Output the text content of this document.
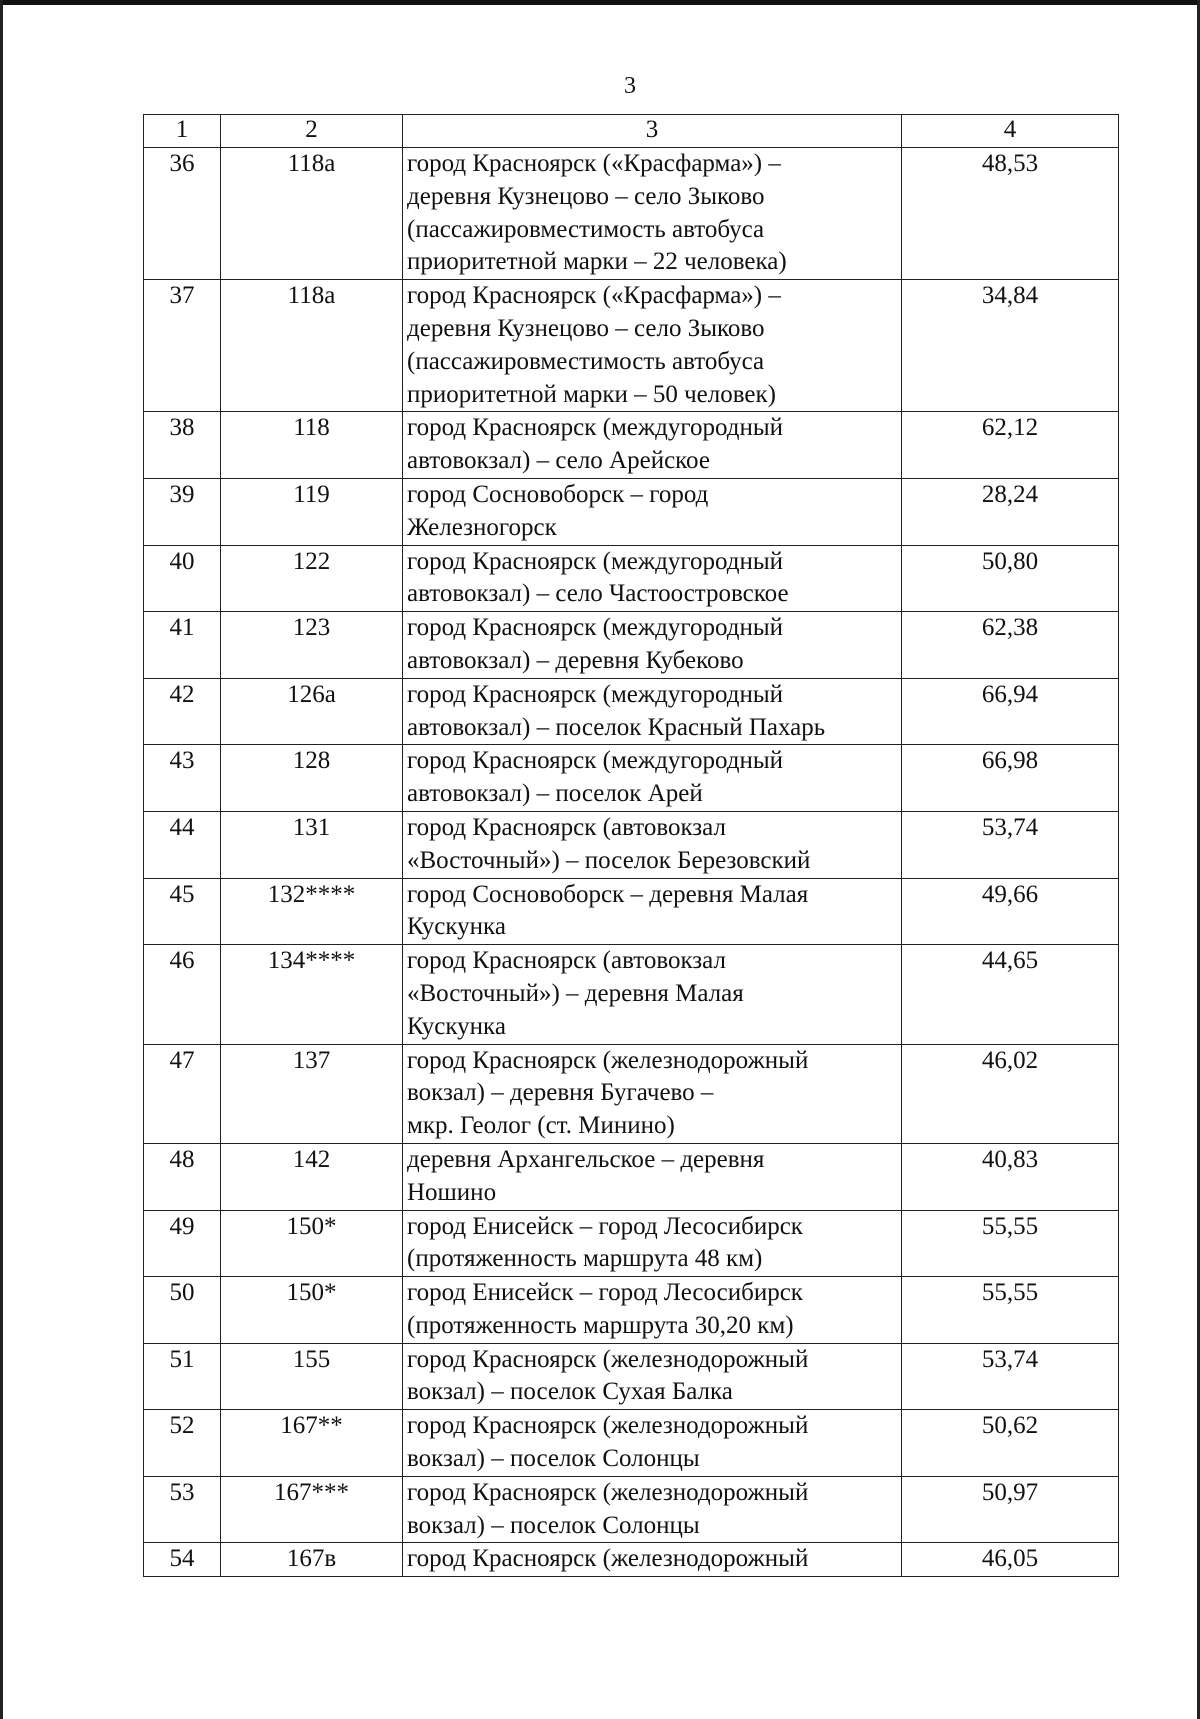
3
1	2	3	4
36	118а	город Красноярск («Красфарма») –
деревня Кузнецово – село Зыково
(пассажировместимость автобуса
приоритетной марки – 22 человека)	48,53
37	118а	город Красноярск («Красфарма») –
деревня Кузнецово – село Зыково
(пассажировместимость автобуса
приоритетной марки – 50 человек)	34,84
38	118	город Красноярск (междугородный
автовокзал) – село Арейское	62,12
39	119	город Сосновоборск – город
Железногорск	28,24
40	122	город Красноярск (междугородный
автовокзал) – село Частоостровское	50,80
41	123	город Красноярск (междугородный
автовокзал) – деревня Кубеково	62,38
42	126а	город Красноярск (междугородный
автовокзал) – поселок Красный Пахарь	66,94
43	128	город Красноярск (междугородный
автовокзал) – поселок Арей	66,98
44	131	город Красноярск (автовокзал
«Восточный») – поселок Березовский	53,74
45	132****	город Сосновоборск – деревня Малая
Кускунка	49,66
46	134****	город Красноярск (автовокзал
«Восточный») – деревня Малая
Кускунка	44,65
47	137	город Красноярск (железнодорожный
вокзал) – деревня Бугачево –
мкр. Геолог (ст. Минино)	46,02
48	142	деревня Архангельское – деревня
Ношино	40,83
49	150*	город Енисейск – город Лесосибирск
(протяженность маршрута 48 км)	55,55
50	150*	город Енисейск – город Лесосибирск
(протяженность маршрута 30,20 км)	55,55
51	155	город Красноярск (железнодорожный
вокзал) – поселок Сухая Балка	53,74
52	167**	город Красноярск (железнодорожный
вокзал) – поселок Солонцы	50,62
53	167***	город Красноярск (железнодорожный
вокзал) – поселок Солонцы	50,97
54	167в	город Красноярск (железнодорожный	46,05
